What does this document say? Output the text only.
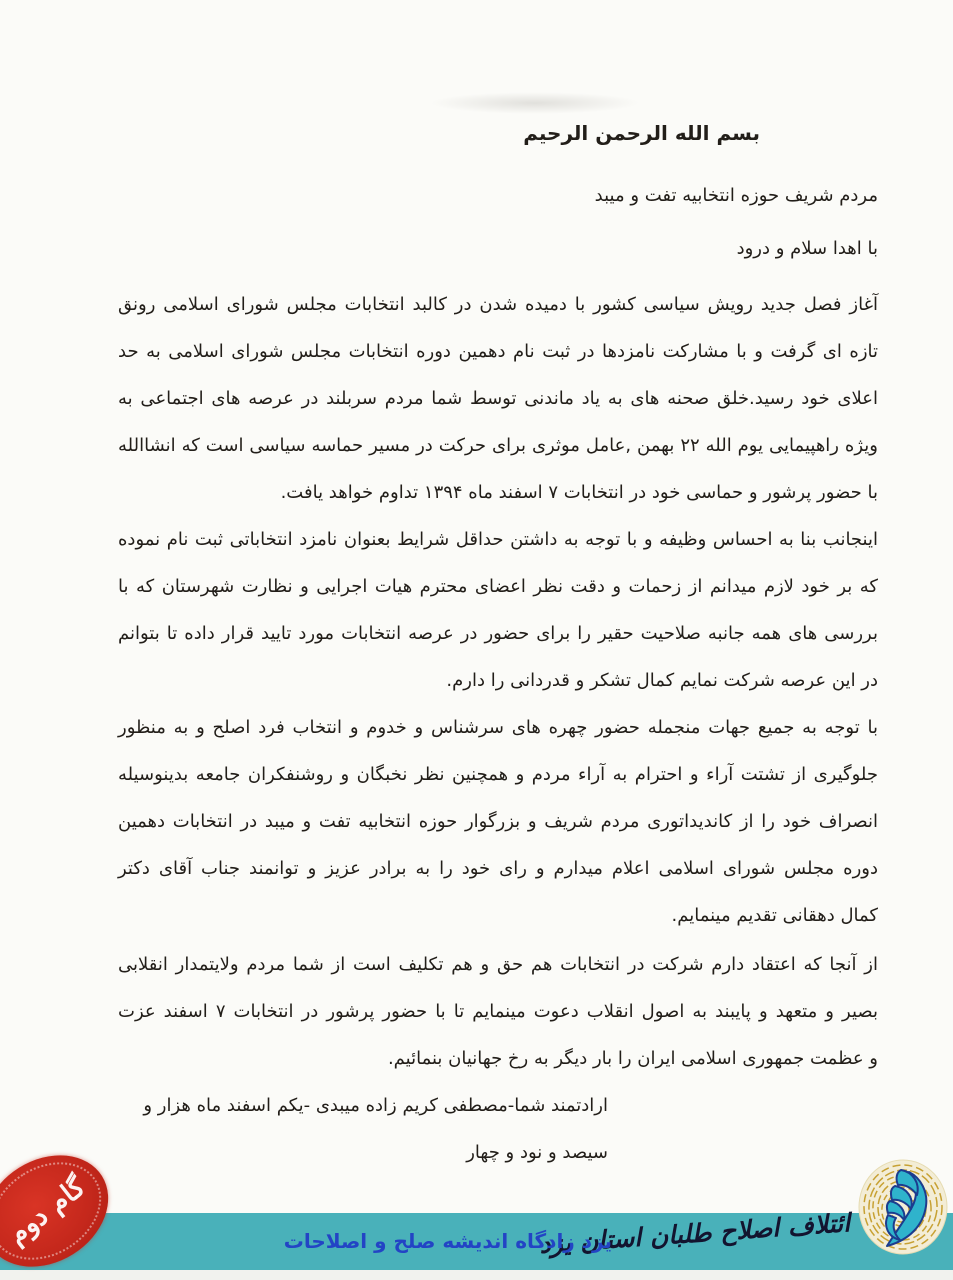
بسم الله الرحمن الرحیم
مردم شریف حوزه انتخابیه تفت و میبد
با اهدا سلام و درود
آغاز فصل جدید رویش سیاسی کشور با دمیده شدن در کالبد انتخابات مجلس شورای اسلامی رونق
تازه ای گرفت و با مشارکت نامزدها در ثبت نام دهمین دوره انتخابات مجلس شورای اسلامی به حد
اعلای خود رسید.خلق صحنه های به یاد ماندنی توسط شما مردم سربلند در عرصه های اجتماعی به
ویژه راهپیمایی یوم الله ۲۲ بهمن ,عامل موثری برای حرکت در مسیر حماسه سیاسی است که انشاالله
با حضور پرشور و حماسی خود در انتخابات ۷ اسفند ماه ۱۳۹۴ تداوم خواهد یافت.
اینجانب بنا به احساس وظیفه و با توجه به داشتن حداقل شرایط بعنوان نامزد انتخاباتی ثبت نام نموده
که بر خود لازم میدانم از زحمات و دقت نظر اعضای محترم هیات اجرایی و نظارت شهرستان که با
بررسی های همه جانبه صلاحیت حقیر را برای حضور در عرصه انتخابات مورد تایید قرار داده تا بتوانم
در این عرصه شرکت نمایم کمال تشکر و قدردانی را دارم.
با توجه به جمیع جهات منجمله حضور چهره های سرشناس و خدوم و انتخاب فرد اصلح و به منظور
جلوگیری از تشتت آراء و احترام به آراء مردم و همچنین نظر نخبگان و روشنفکران جامعه بدینوسیله
انصراف خود را از کاندیداتوری مردم شریف و بزرگوار حوزه انتخابیه تفت و میبد در انتخابات دهمین
دوره مجلس شورای اسلامی اعلام میدارم و رای خود را به برادر عزیز و توانمند جناب آقای دکتر
کمال دهقانی تقدیم مینمایم.
از آنجا که اعتقاد دارم شرکت در انتخابات هم حق و هم تکلیف است از شما مردم ولایتمدار انقلابی
بصیر و متعهد و پایبند به اصول انقلاب دعوت مینمایم تا با حضور پرشور در انتخابات ۷ اسفند عزت
و عظمت جمهوری اسلامی ایران را بار دیگر به رخ جهانیان بنمائیم.
ارادتمند شما-مصطفی کریم زاده میبدی -یکم اسفند ماه هزار و سیصد و نود و چهار
ائتلاف اصلاح طلبان استان یزد
یزد زادگاه اندیشه صلح و اصلاحات
گام دوم
